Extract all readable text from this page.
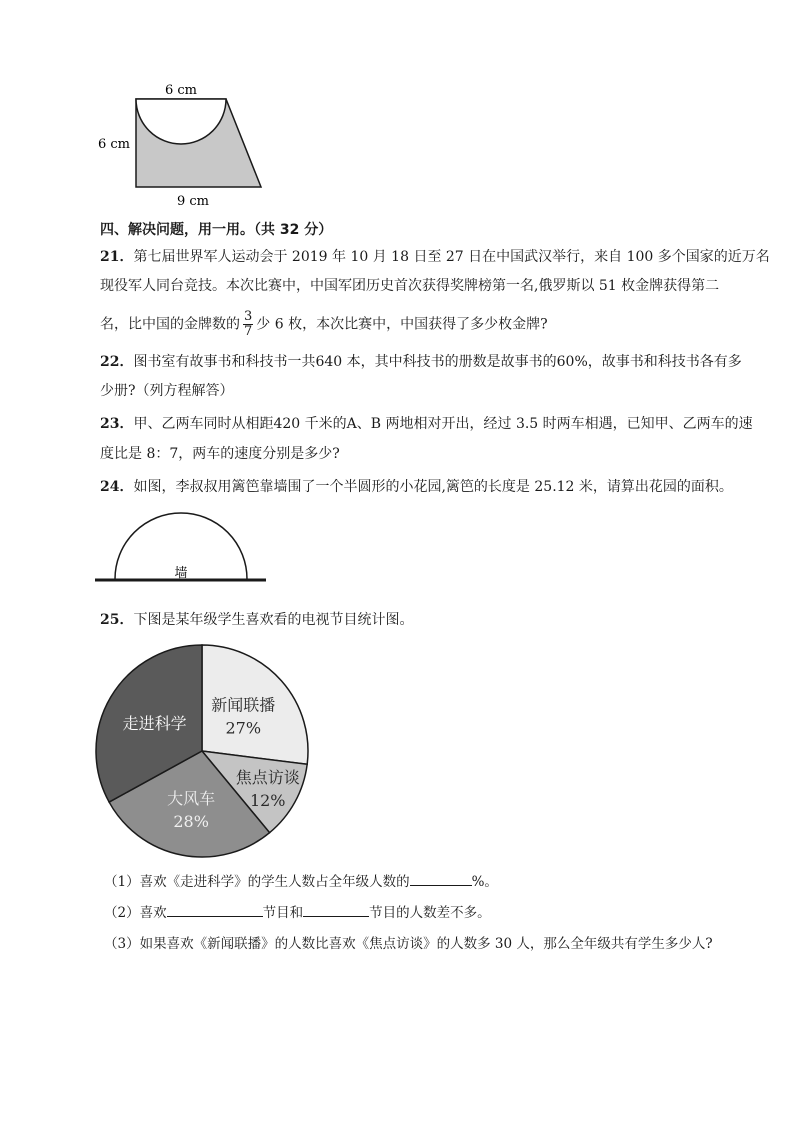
6 cm
6 cm
9 cm
四、解决问题，用一用。（共 32 分）
21．第七届世界军人运动会于 2019 年 10 月 18 日至 27 日在中国武汉举行，来自 100 多个国家的近万名
现役军人同台竞技。本次比赛中，中国军团历史首次获得奖牌榜第一名,俄罗斯以 51 枚金牌获得第二
名，比中国的金牌数的 $\frac{3}{7}$ 少 6 枚，本次比赛中，中国获得了多少枚金牌?
22．图书室有故事书和科技书一共640 本，其中科技书的册数是故事书的60%，故事书和科技书各有多
少册?（列方程解答）
23．甲、乙两车同时从相距420 千米的A、B 两地相对开出，经过 3.5 时两车相遇，已知甲、乙两车的速
度比是 8：7，两车的速度分别是多少?
24．如图，李叔叔用篱笆靠墙围了一个半圆形的小花园,篱笆的长度是 25.12 米，请算出花园的面积。
墙
25．下图是某年级学生喜欢看的电视节目统计图。
新闻联播
27%
焦点访谈
12%
大风车
28%
走进科学
（1）喜欢《走进科学》的学生人数占全年级人数的	%。
（2）喜欢	节目和	节目的人数差不多。
（3）如果喜欢《新闻联播》的人数比喜欢《焦点访谈》的人数多 30 人，那么全年级共有学生多少人?
